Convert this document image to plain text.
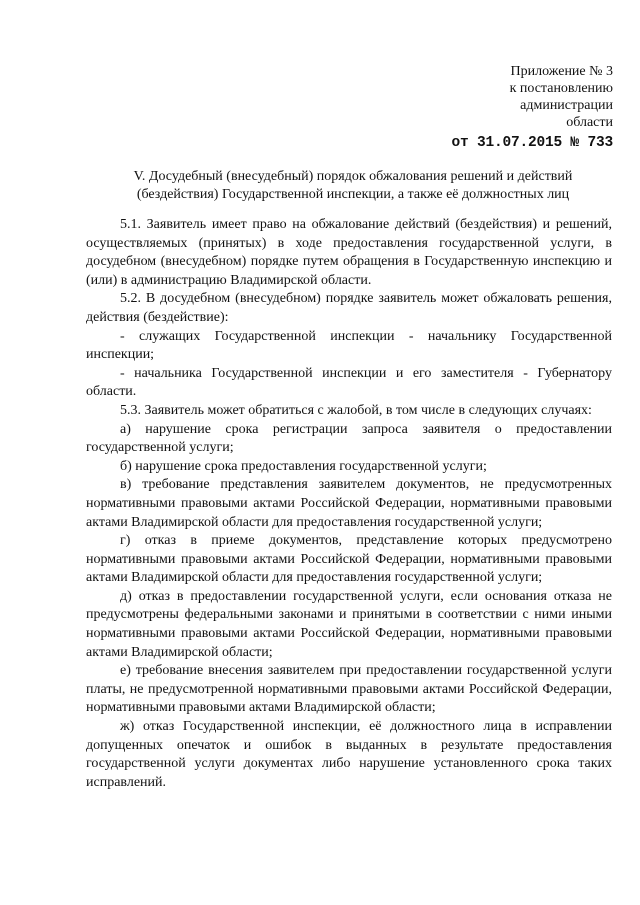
Приложение № 3
к постановлению
администрации
области
от 31.07.2015 № 733
V. Досудебный (внесудебный) порядок обжалования решений и действий
(бездействия) Государственной инспекции, а также её должностных лиц

5.1. Заявитель имеет право на обжалование действий (бездействия) и решений, осуществляемых (принятых) в ходе предоставления государственной услуги, в досудебном (внесудебном) порядке путем обращения в Государственную инспекцию и (или) в администрацию Владимирской области.

5.2. В досудебном (внесудебном) порядке заявитель может обжаловать решения, действия (бездействие):

- служащих Государственной инспекции - начальнику Государственной инспекции;

- начальника Государственной инспекции и его заместителя - Губернатору области.

5.3. Заявитель может обратиться с жалобой, в том числе в следующих случаях:

а) нарушение срока регистрации запроса заявителя о предоставлении государственной услуги;

б) нарушение срока предоставления государственной услуги;

в) требование представления заявителем документов, не предусмотренных нормативными правовыми актами Российской Федерации, нормативными правовыми актами Владимирской области для предоставления государственной услуги;

г) отказ в приеме документов, представление которых предусмотрено нормативными правовыми актами Российской Федерации, нормативными правовыми актами Владимирской области для предоставления государственной услуги;

д) отказ в предоставлении государственной услуги, если основания отказа не предусмотрены федеральными законами и принятыми в соответствии с ними иными нормативными правовыми актами Российской Федерации, нормативными правовыми актами Владимирской области;

е) требование внесения заявителем при предоставлении государственной услуги платы, не предусмотренной нормативными правовыми актами Российской Федерации, нормативными правовыми актами Владимирской области;

ж) отказ Государственной инспекции, её должностного лица в исправлении допущенных опечаток и ошибок в выданных в результате предоставления государственной услуги документах либо нарушение установленного срока таких исправлений.
